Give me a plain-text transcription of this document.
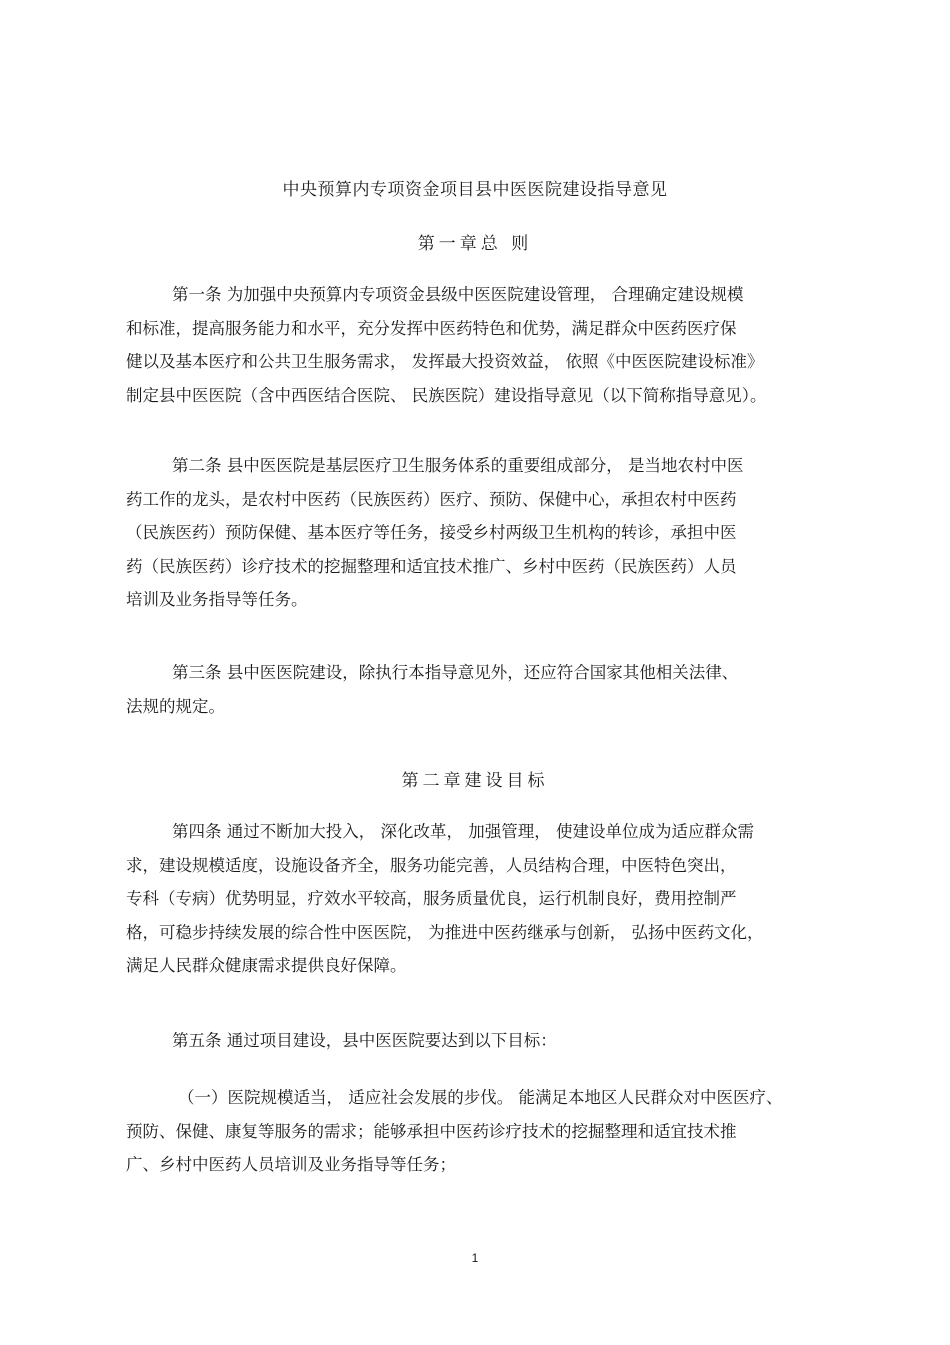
中央预算内专项资金项目县中医医院建设指导意见
第一章总 则

第一条 为加强中央预算内专项资金县级中医医院建设管理， 合理确定建设规模
和标准，提高服务能力和水平，充分发挥中医药特色和优势，满足群众中医药医疗保
健以及基本医疗和公共卫生服务需求， 发挥最大投资效益， 依照《中医医院建设标准》
制定县中医医院（含中西医结合医院、 民族医院）建设指导意见（以下简称指导意见）。

第二条 县中医医院是基层医疗卫生服务体系的重要组成部分， 是当地农村中医
药工作的龙头，是农村中医药（民族医药）医疗、预防、保健中心，承担农村中医药
（民族医药）预防保健、基本医疗等任务，接受乡村两级卫生机构的转诊，承担中医
药（民族医药）诊疗技术的挖掘整理和适宜技术推广、乡村中医药（民族医药）人员
培训及业务指导等任务。

第三条 县中医医院建设，除执行本指导意见外，还应符合国家其他相关法律、
法规的规定。

第二章建设目标

第四条 通过不断加大投入， 深化改革， 加强管理， 使建设单位成为适应群众需
求，建设规模适度，设施设备齐全，服务功能完善，人员结构合理，中医特色突出，
专科（专病）优势明显，疗效水平较高，服务质量优良，运行机制良好，费用控制严
格，可稳步持续发展的综合性中医医院， 为推进中医药继承与创新， 弘扬中医药文化，
满足人民群众健康需求提供良好保障。

第五条 通过项目建设，县中医医院要达到以下目标：

（一）医院规模适当， 适应社会发展的步伐。 能满足本地区人民群众对中医医疗、
预防、保健、康复等服务的需求；能够承担中医药诊疗技术的挖掘整理和适宜技术推
广、乡村中医药人员培训及业务指导等任务；

1
